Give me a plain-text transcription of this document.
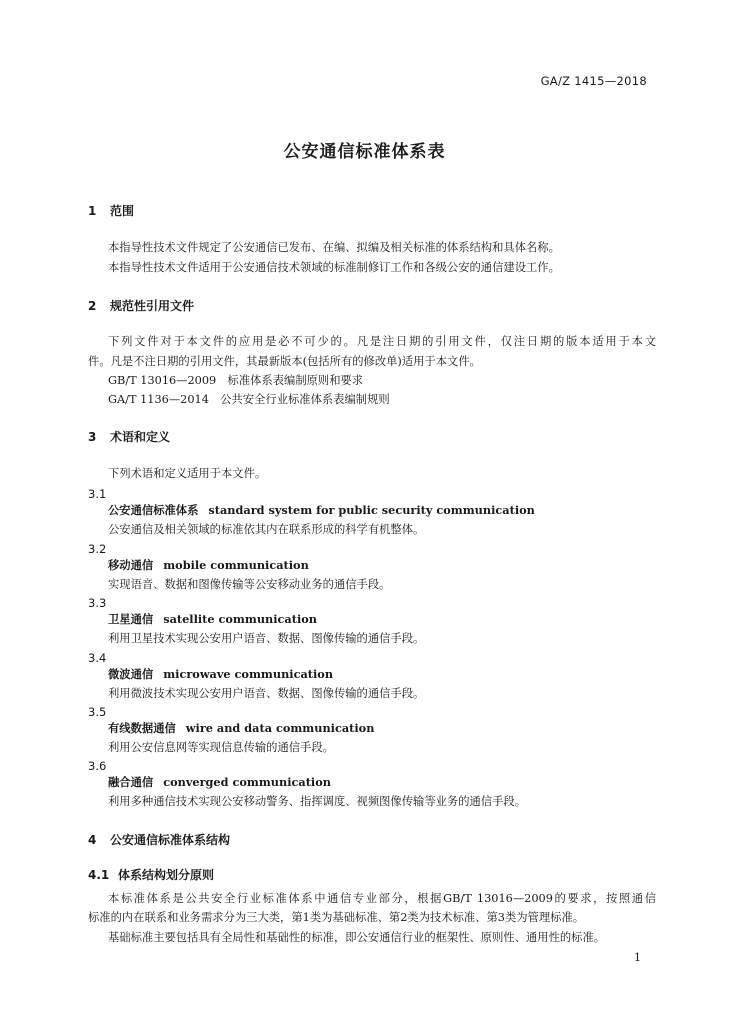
GA/Z 1415—2018
公安通信标准体系表
1 范围
本指导性技术文件规定了公安通信已发布、在编、拟编及相关标准的体系结构和具体名称。
本指导性技术文件适用于公安通信技术领域的标准制修订工作和各级公安的通信建设工作。
2 规范性引用文件
下列文件对于本文件的应用是必不可少的。凡是注日期的引用文件，仅注日期的版本适用于本文
件。凡是不注日期的引用文件，其最新版本(包括所有的修改单)适用于本文件。
GB/T 13016—2009　标准体系表编制原则和要求
GA/T 1136—2014　公共安全行业标准体系表编制规则
3 术语和定义
下列术语和定义适用于本文件。
3.1
公安通信标准体系 standard system for public security communication
公安通信及相关领域的标准依其内在联系形成的科学有机整体。
3.2
移动通信 mobile communication
实现语音、数据和图像传输等公安移动业务的通信手段。
3.3
卫星通信 satellite communication
利用卫星技术实现公安用户语音、数据、图像传输的通信手段。
3.4
微波通信 microwave communication
利用微波技术实现公安用户语音、数据、图像传输的通信手段。
3.5
有线数据通信 wire and data communication
利用公安信息网等实现信息传输的通信手段。
3.6
融合通信 converged communication
利用多种通信技术实现公安移动警务、指挥调度、视频图像传输等业务的通信手段。
4 公安通信标准体系结构
4.1 体系结构划分原则
本标准体系是公共安全行业标准体系中通信专业部分，根据GB/T 13016—2009的要求，按照通信
标准的内在联系和业务需求分为三大类，第1类为基础标准、第2类为技术标准、第3类为管理标准。
基础标准主要包括具有全局性和基础性的标准，即公安通信行业的框架性、原则性、通用性的标准。
1
